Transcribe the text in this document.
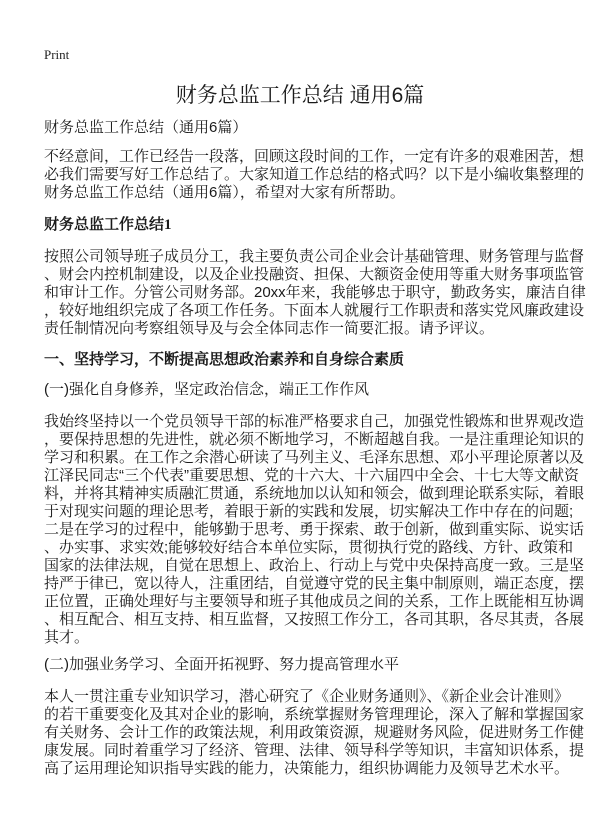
Print
财务总监工作总结 通用6篇
财务总监工作总结（通用6篇）
不经意间，工作已经告一段落，回顾这段时间的工作，一定有许多的艰难困苦，想
必我们需要写好工作总结了。大家知道工作总结的格式吗？以下是小编收集整理的
财务总监工作总结（通用6篇），希望对大家有所帮助。
财务总监工作总结1
按照公司领导班子成员分工，我主要负责公司企业会计基础管理、财务管理与监督
、财会内控机制建设，以及企业投融资、担保、大额资金使用等重大财务事项监管
和审计工作。分管公司财务部。20xx年来，我能够忠于职守，勤政务实，廉洁自律
，较好地组织完成了各项工作任务。下面本人就履行工作职责和落实党风廉政建设
责任制情况向考察组领导及与会全体同志作一简要汇报。请予评议。
一、坚持学习，不断提高思想政治素养和自身综合素质
(一)强化自身修养，坚定政治信念，端正工作作风
我始终坚持以一个党员领导干部的标准严格要求自己，加强党性锻炼和世界观改造
，要保持思想的先进性，就必须不断地学习，不断超越自我。一是注重理论知识的
学习和积累。在工作之余潜心研读了马列主义、毛泽东思想、邓小平理论原著以及
江泽民同志“三个代表”重要思想、党的十六大、十六届四中全会、十七大等文献资
料，并将其精神实质融汇贯通，系统地加以认知和领会，做到理论联系实际，着眼
于对现实问题的理论思考，着眼于新的实践和发展，切实解决工作中存在的问题;
二是在学习的过程中，能够勤于思考、勇于探索、敢于创新，做到重实际、说实话
、办实事、求实效;能够较好结合本单位实际，贯彻执行党的路线、方针、政策和
国家的法律法规，自觉在思想上、政治上、行动上与党中央保持高度一致。三是坚
持严于律已，宽以待人，注重团结，自觉遵守党的民主集中制原则，端正态度，摆
正位置，正确处理好与主要领导和班子其他成员之间的关系，工作上既能相互协调
、相互配合、相互支持、相互监督，又按照工作分工，各司其职，各尽其责，各展
其才。
(二)加强业务学习、全面开拓视野、努力提高管理水平
本人一贯注重专业知识学习，潜心研究了《企业财务通则》、《新企业会计准则》
的若干重要变化及其对企业的影响，系统掌握财务管理理论，深入了解和掌握国家
有关财务、会计工作的政策法规，利用政策资源，规避财务风险，促进财务工作健
康发展。同时着重学习了经济、管理、法律、领导科学等知识，丰富知识体系，提
高了运用理论知识指导实践的能力，决策能力，组织协调能力及领导艺术水平。
